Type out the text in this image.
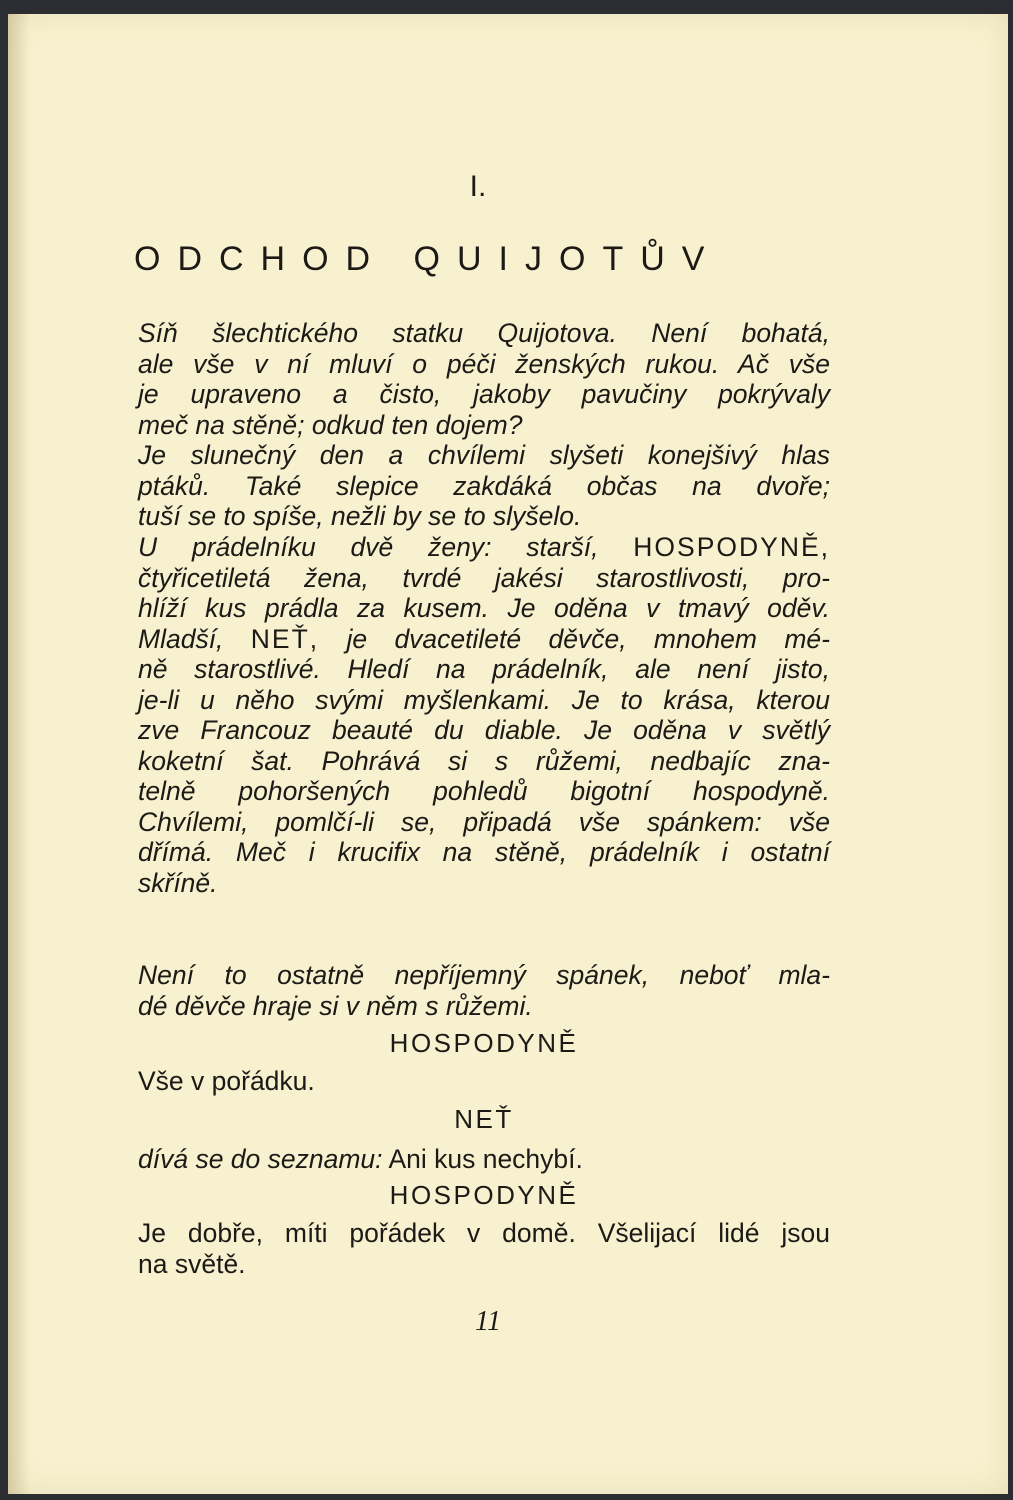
I.
ODCHOD QUIJOTŮV
Síň šlechtického statku Quijotova. Není bohatá,
ale vše v ní mluví o péči ženských rukou. Ač vše
je upraveno a čisto, jakoby pavučiny pokrývaly
meč na stěně; odkud ten dojem?
Je slunečný den a chvílemi slyšeti konejšivý hlas
ptáků. Také slepice zakdáká občas na dvoře;
tuší se to spíše, nežli by se to slyšelo.
U prádelníku dvě ženy: starší, HOSPODYNĚ,
čtyřicetiletá žena, tvrdé jakési starostlivosti, pro-
hlíží kus prádla za kusem. Je oděna v tmavý oděv.
Mladší, NEŤ, je dvacetileté děvče, mnohem mé-
ně starostlivé. Hledí na prádelník, ale není jisto,
je-li u něho svými myšlenkami. Je to krása, kterou
zve Francouz beauté du diable. Je oděna v světlý
koketní šat. Pohrává si s růžemi, nedbajíc zna-
telně pohoršených pohledů bigotní hospodyně.
Chvílemi, pomlčí-li se, připadá vše spánkem: vše
dřímá. Meč i krucifix na stěně, prádelník i ostatní
skříně.
Není to ostatně nepříjemný spánek, neboť mla-
dé děvče hraje si v něm s růžemi.
HOSPODYNĚ
Vše v pořádku.
NEŤ
dívá se do seznamu: Ani kus nechybí.
HOSPODYNĚ
Je dobře, míti pořádek v domě. Všelijací lidé jsou
na světě.
11
